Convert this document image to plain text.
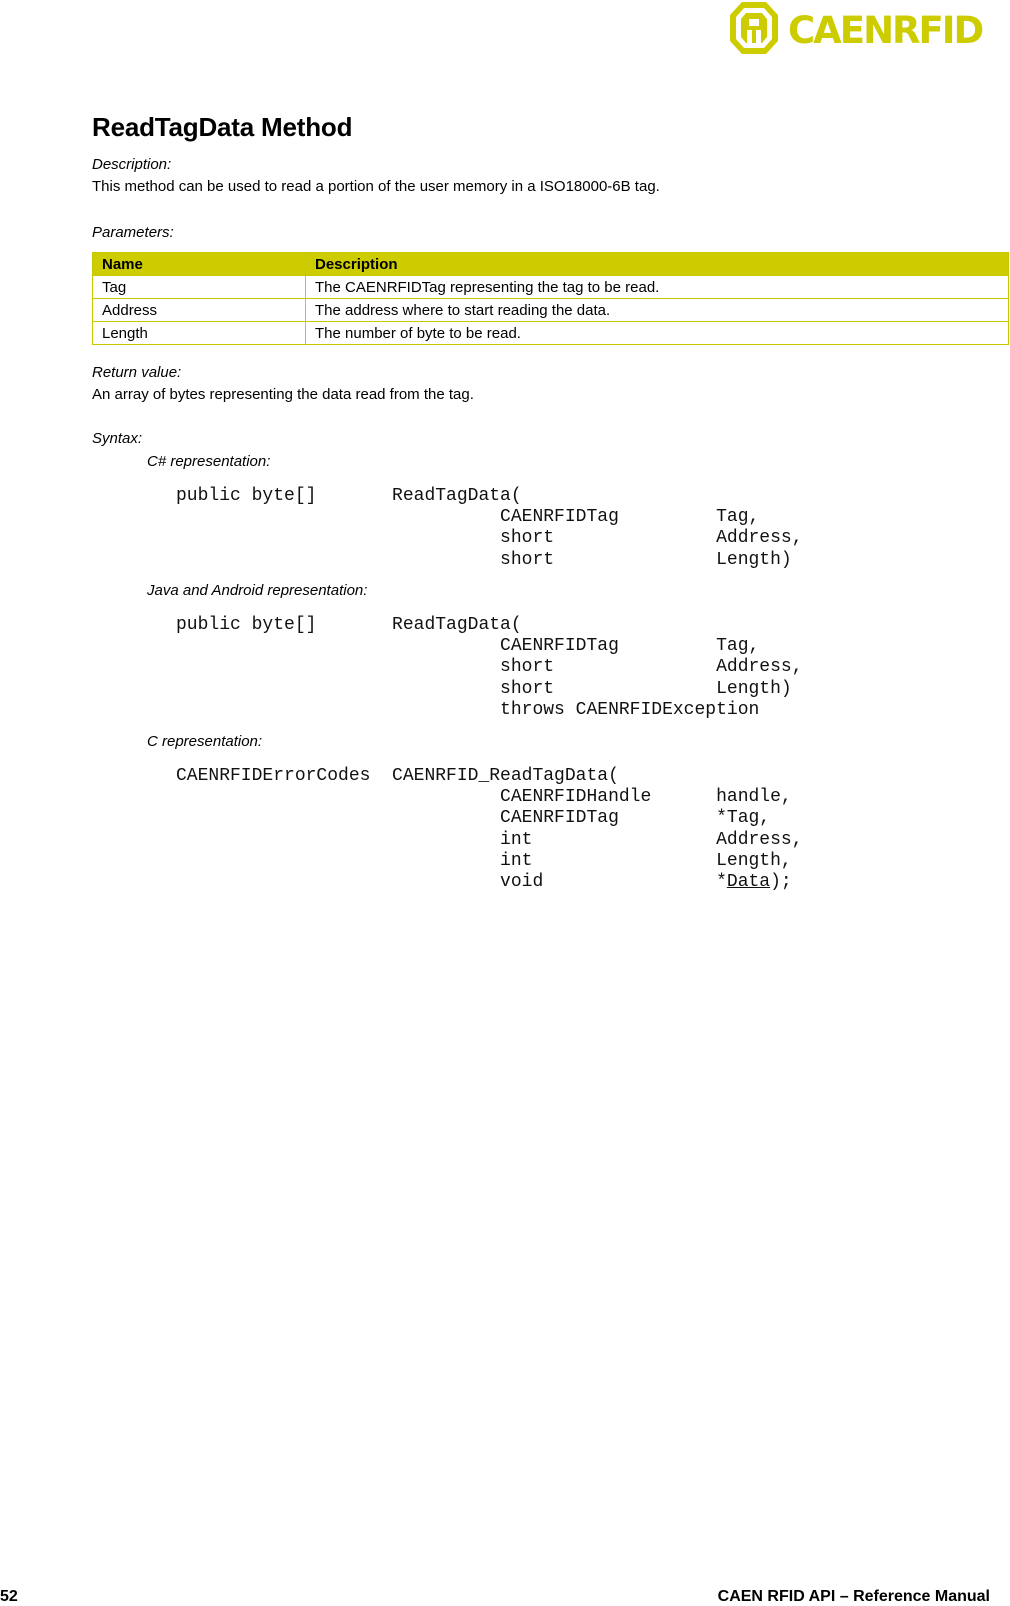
CAENRFID
ReadTagData Method
Description:
This method can be used to read a portion of the user memory in a ISO18000-6B tag.
Parameters:
Name	Description
Tag	The CAENRFIDTag representing the tag to be read.
Address	The address where to start reading the data.
Length	The number of byte to be read.
Return value:
An array of bytes representing the data read from the tag.
Syntax:
C# representation:
public byte[]       ReadTagData(
CAENRFIDTag         Tag,
short               Address,
short               Length)
Java and Android representation:
public byte[]       ReadTagData(
CAENRFIDTag         Tag,
short               Address,
short               Length)
throws CAENRFIDException
C representation:
CAENRFIDErrorCodes  CAENRFID_ReadTagData(
CAENRFIDHandle      handle,
CAENRFIDTag         *Tag,
int                 Address,
int                 Length,
void                *Data);
52	CAEN RFID API – Reference Manual
